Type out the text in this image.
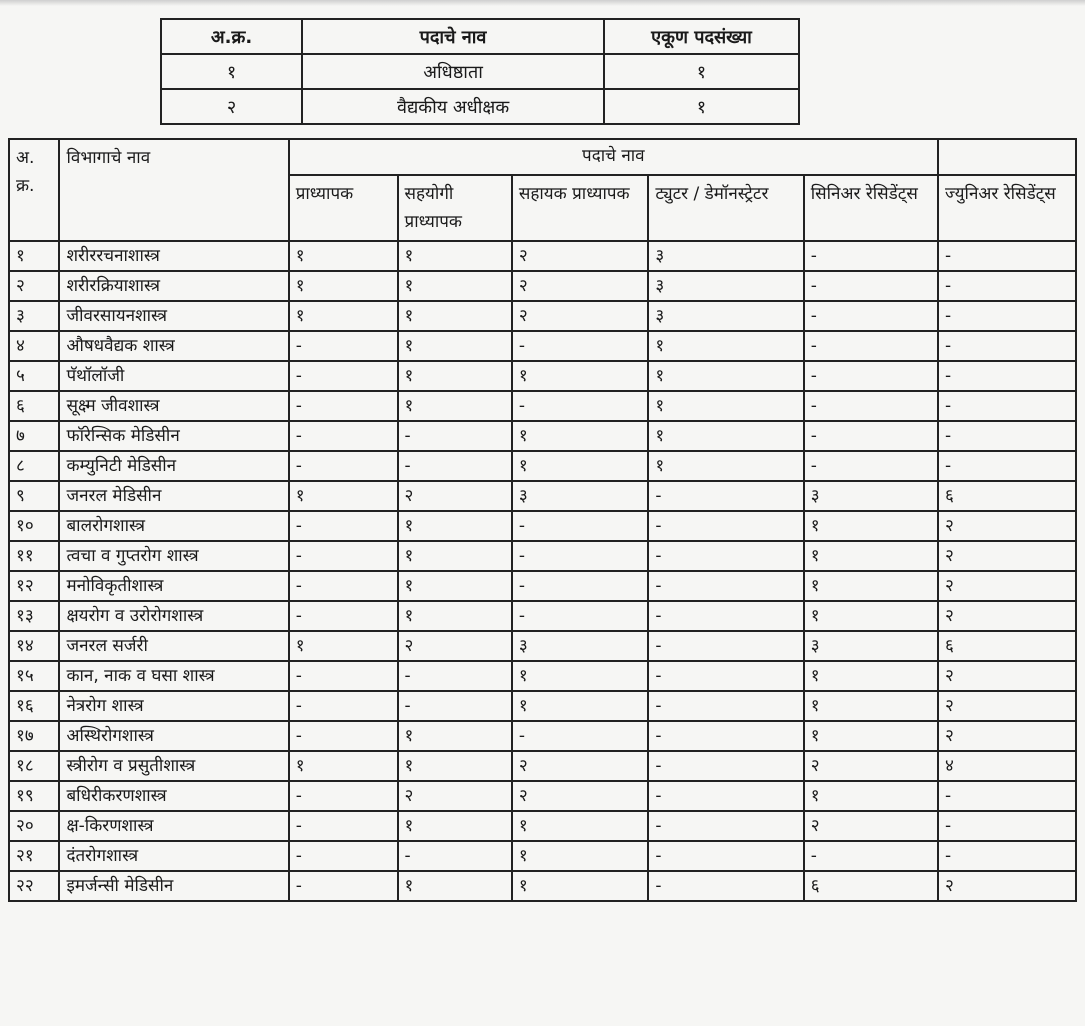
अ.क्र.	पदाचे नाव	एकूण पदसंख्या
१	अधिष्ठाता	१
२	वैद्यकीय अधीक्षक	१
अ. क्र.	विभागाचे नाव	पदाचे नाव					
		प्राध्यापक	सहयोगी प्राध्यापक	सहायक प्राध्यापक	ट्युटर / डेमॉनस्ट्रेटर	सिनिअर रेसिडेंट्स	ज्युनिअर रेसिडेंट्स
१	शरीररचनाशास्त्र	१	१	२	३	-	-
२	शरीरक्रियाशास्त्र	१	१	२	३	-	-
३	जीवरसायनशास्त्र	१	१	२	३	-	-
४	औषधवैद्यक शास्त्र	-	१	-	१	-	-
५	पॅथॉलॉजी	-	१	१	१	-	-
६	सूक्ष्म जीवशास्त्र	-	१	-	१	-	-
७	फॉरेन्सिक मेडिसीन	-	-	१	१	-	-
८	कम्युनिटी मेडिसीन	-	-	१	१	-	-
९	जनरल मेडिसीन	१	२	३	-	३	६
१०	बालरोगशास्त्र	-	१	-	-	१	२
११	त्वचा व गुप्तरोग शास्त्र	-	१	-	-	१	२
१२	मनोविकृतीशास्त्र	-	१	-	-	१	२
१३	क्षयरोग व उरोरोगशास्त्र	-	१	-	-	१	२
१४	जनरल सर्जरी	१	२	३	-	३	६
१५	कान, नाक व घसा शास्त्र	-	-	१	-	१	२
१६	नेत्ररोग शास्त्र	-	-	१	-	१	२
१७	अस्थिरोगशास्त्र	-	१	-	-	१	२
१८	स्त्रीरोग व प्रसुतीशास्त्र	१	१	२	-	२	४
१९	बधिरीकरणशास्त्र	-	२	२	-	१	-
२०	क्ष-किरणशास्त्र	-	१	१	-	२	-
२१	दंतरोगशास्त्र	-	-	१	-	-	-
२२	इमर्जन्सी मेडिसीन	-	१	१	-	६	२
